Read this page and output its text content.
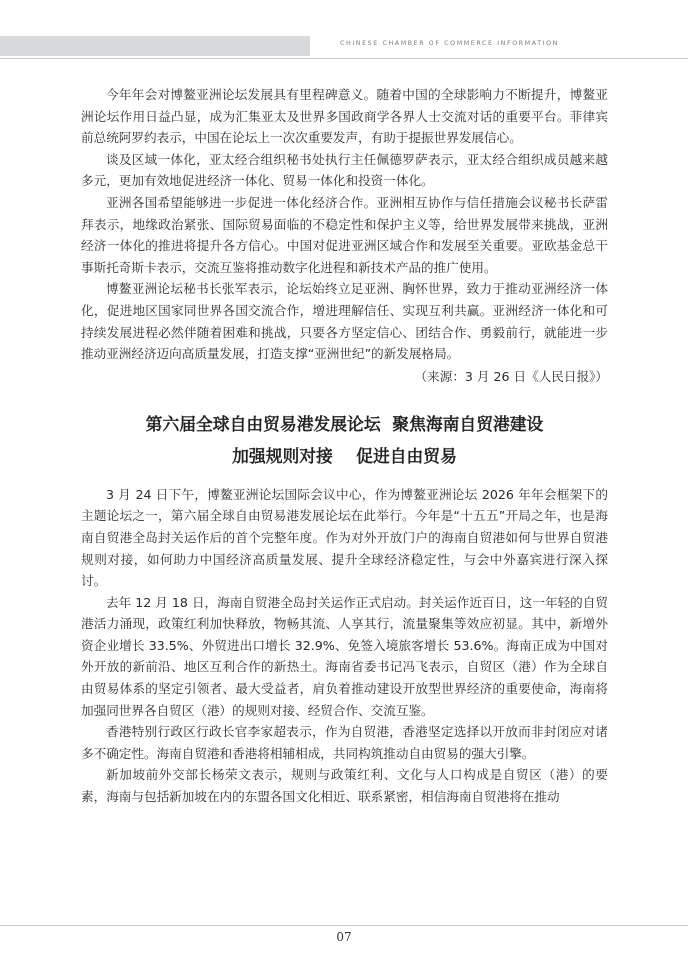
CHINESE CHAMBER OF COMMERCE INFORMATION

今年年会对博鳌亚洲论坛发展具有里程碑意义。随着中国的全球影响力不断提升，博鳌亚洲论坛作用日益凸显，成为汇集亚太及世界多国政商学各界人士交流对话的重要平台。菲律宾前总统阿罗约表示，中国在论坛上一次次重要发声，有助于提振世界发展信心。

谈及区域一体化，亚太经合组织秘书处执行主任佩德罗萨表示，亚太经合组织成员越来越多元，更加有效地促进经济一体化、贸易一体化和投资一体化。

亚洲各国希望能够进一步促进一体化经济合作。亚洲相互协作与信任措施会议秘书长萨雷拜表示，地缘政治紧张、国际贸易面临的不稳定性和保护主义等，给世界发展带来挑战，亚洲经济一体化的推进将提升各方信心。中国对促进亚洲区域合作和发展至关重要。亚欧基金总干事斯托奇斯卡表示，交流互鉴将推动数字化进程和新技术产品的推广使用。

博鳌亚洲论坛秘书长张军表示，论坛始终立足亚洲、胸怀世界，致力于推动亚洲经济一体化，促进地区国家同世界各国交流合作，增进理解信任、实现互利共赢。亚洲经济一体化和可持续发展进程必然伴随着困难和挑战，只要各方坚定信心、团结合作、勇毅前行，就能进一步推动亚洲经济迈向高质量发展，打造支撑“亚洲世纪”的新发展格局。

（来源：3 月 26 日《人民日报》）

第六届全球自由贸易港发展论坛  聚焦海南自贸港建设

加强规则对接    促进自由贸易

3 月 24 日下午，博鳌亚洲论坛国际会议中心，作为博鳌亚洲论坛 2026 年年会框架下的主题论坛之一，第六届全球自由贸易港发展论坛在此举行。今年是“十五五”开局之年，也是海南自贸港全岛封关运作后的首个完整年度。作为对外开放门户的海南自贸港如何与世界自贸港规则对接，如何助力中国经济高质量发展、提升全球经济稳定性，与会中外嘉宾进行深入探讨。

去年 12 月 18 日，海南自贸港全岛封关运作正式启动。封关运作近百日，这一年轻的自贸港活力涌现，政策红利加快释放，物畅其流、人享其行，流量聚集等效应初显。其中，新增外资企业增长 33.5%、外贸进出口增长 32.9%、免签入境旅客增长 53.6%。海南正成为中国对外开放的新前沿、地区互利合作的新热土。海南省委书记冯飞表示，自贸区（港）作为全球自由贸易体系的坚定引领者、最大受益者，肩负着推动建设开放型世界经济的重要使命，海南将加强同世界各自贸区（港）的规则对接、经贸合作、交流互鉴。

香港特别行政区行政长官李家超表示，作为自贸港，香港坚定选择以开放而非封闭应对诸多不确定性。海南自贸港和香港将相辅相成，共同构筑推动自由贸易的强大引擎。

新加坡前外交部长杨荣文表示，规则与政策红利、文化与人口构成是自贸区（港）的要素，海南与包括新加坡在内的东盟各国文化相近、联系紧密，相信海南自贸港将在推动

07
